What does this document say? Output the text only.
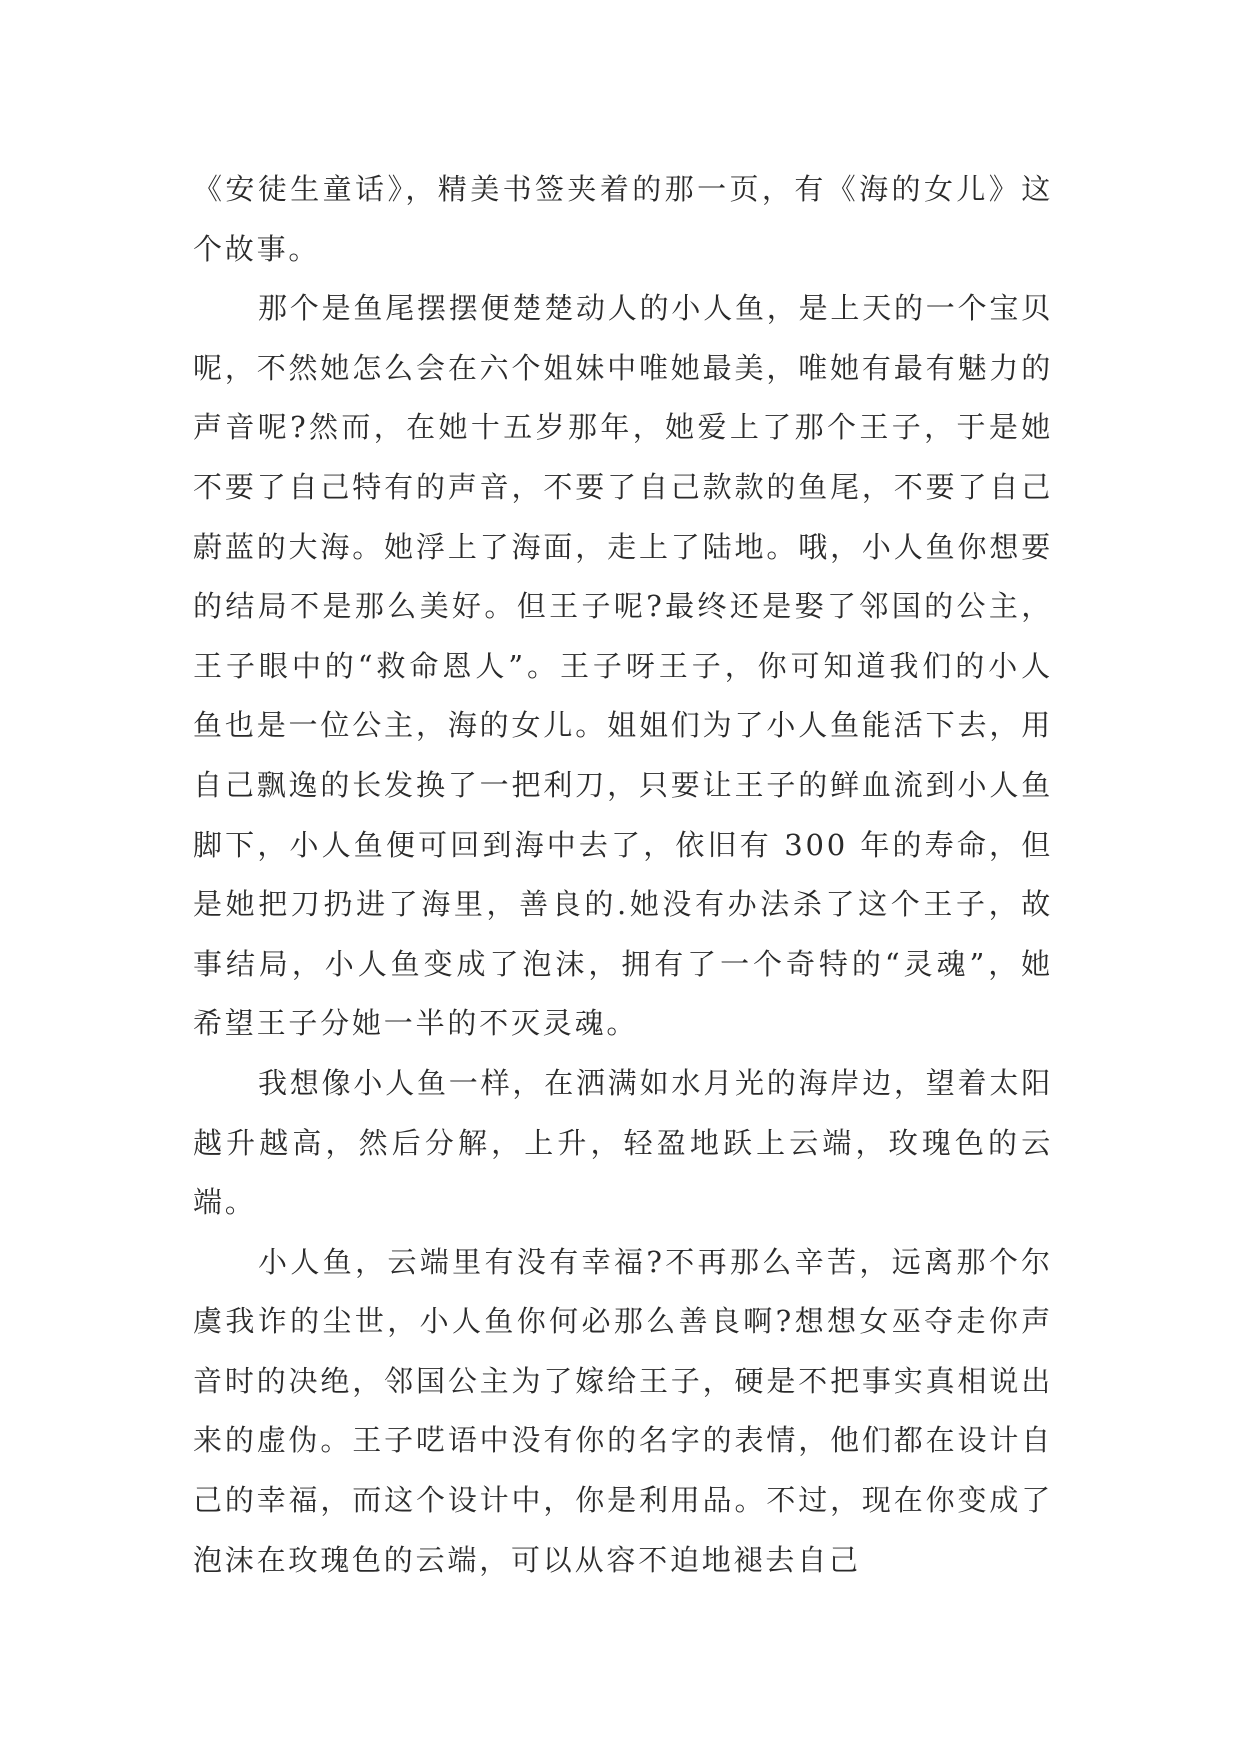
《安徒生童话》，精美书签夹着的那一页，有《海的女儿》这个故事。

那个是鱼尾摆摆便楚楚动人的小人鱼，是上天的一个宝贝呢，不然她怎么会在六个姐妹中唯她最美，唯她有最有魅力的声音呢?然而，在她十五岁那年，她爱上了那个王子，于是她不要了自己特有的声音，不要了自己款款的鱼尾，不要了自己蔚蓝的大海。她浮上了海面，走上了陆地。哦，小人鱼你想要的结局不是那么美好。但王子呢?最终还是娶了邻国的公主，王子眼中的“救命恩人”。王子呀王子，你可知道我们的小人鱼也是一位公主，海的女儿。姐姐们为了小人鱼能活下去，用自己飘逸的长发换了一把利刀，只要让王子的鲜血流到小人鱼脚下，小人鱼便可回到海中去了，依旧有 300 年的寿命，但是她把刀扔进了海里，善良的.她没有办法杀了这个王子，故事结局，小人鱼变成了泡沫，拥有了一个奇特的“灵魂”，她希望王子分她一半的不灭灵魂。

我想像小人鱼一样，在洒满如水月光的海岸边，望着太阳越升越高，然后分解，上升，轻盈地跃上云端，玫瑰色的云端。

小人鱼，云端里有没有幸福?不再那么辛苦，远离那个尔虞我诈的尘世，小人鱼你何必那么善良啊?想想女巫夺走你声音时的决绝，邻国公主为了嫁给王子，硬是不把事实真相说出来的虚伪。王子呓语中没有你的名字的表情，他们都在设计自己的幸福，而这个设计中，你是利用品。不过，现在你变成了泡沫在玫瑰色的云端，可以从容不迫地褪去自己
